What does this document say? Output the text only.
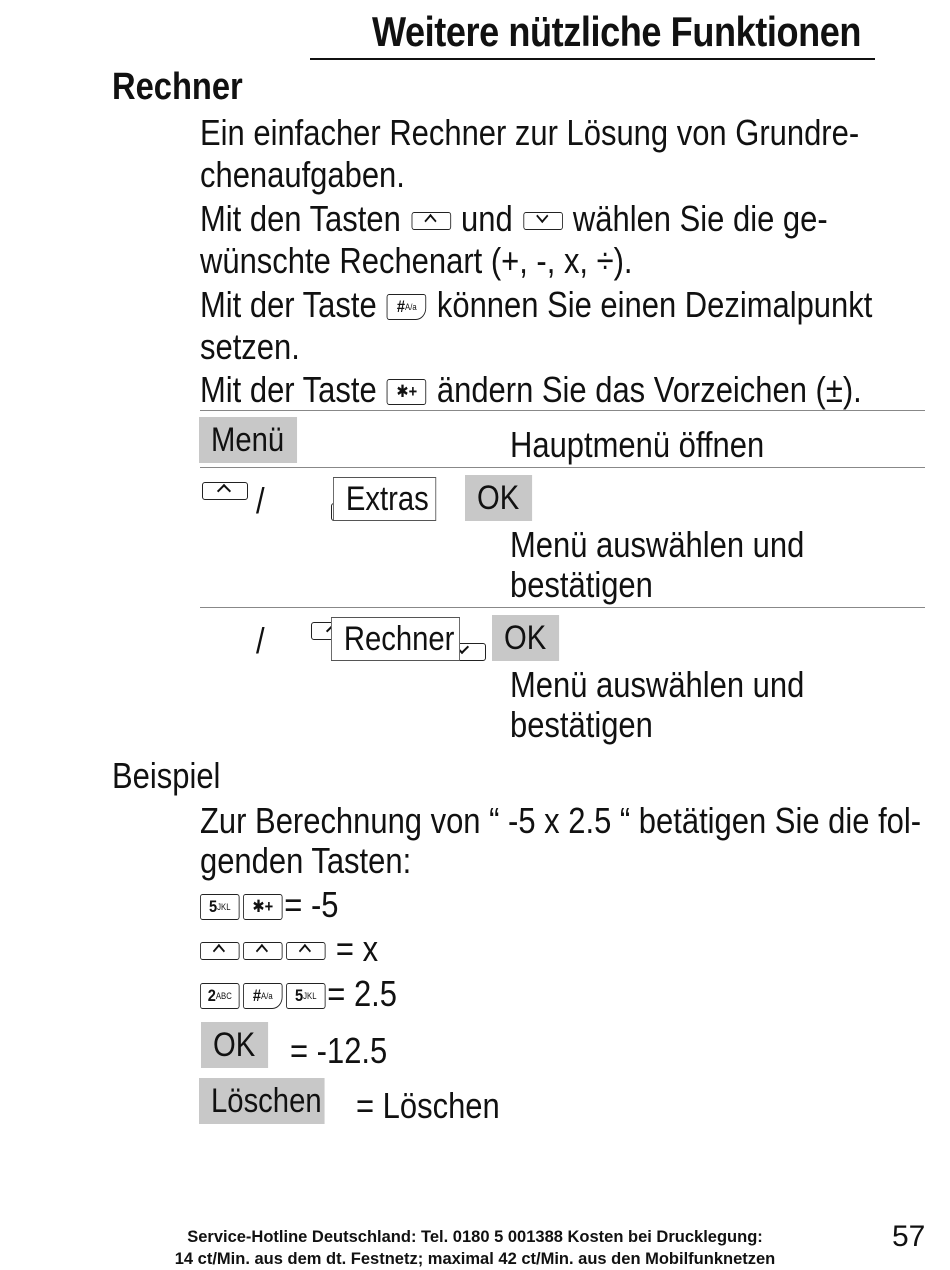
Weitere nützliche Funktionen
Rechner
Ein einfacher Rechner zur Lösung von Grundre-
chenaufgaben.
Mit den Tasten und wählen Sie die ge-
wünschte Rechenart (+, -, x, ÷).
Mit der Taste #$^{A/a}$ können Sie einen Dezimalpunkt
setzen.
Mit der Taste ✱+ ändern Sie das Vorzeichen (±).
Menü	Hauptmenü öffnen

/
	Extras	OK
Menü auswählen und
bestätigen

/	Rechner	OK
Menü auswählen und
bestätigen
Beispiel
Zur Berechnung von “ -5 x 2.5 “ betätigen Sie die fol-
genden Tasten:
$5^{JKL}$ ✱+ = -5
= x
$2^{ABC}$ #$^{A/a}$ $5^{JKL} = 2.5$
OK = -12.5
Löschen = Löschen
Service-Hotline Deutschland: Tel. 0180 5 001388 Kosten bei Drucklegung:
14 ct/Min. aus dem dt. Festnetz; maximal 42 ct/Min. aus den Mobilfunknetzen
57
